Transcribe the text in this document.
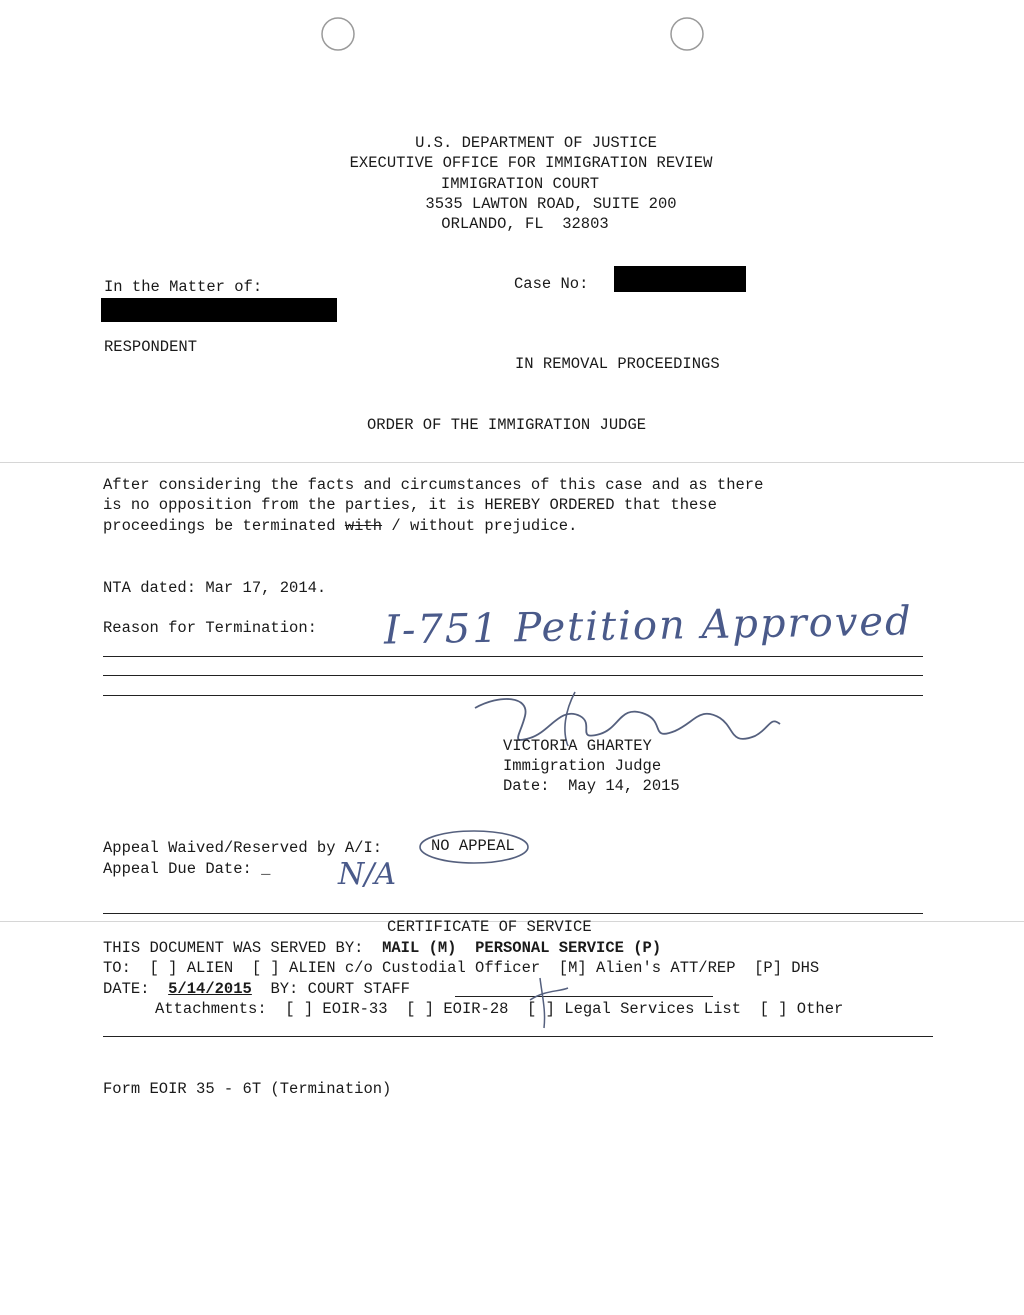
U.S. DEPARTMENT OF JUSTICE
EXECUTIVE OFFICE FOR IMMIGRATION REVIEW
IMMIGRATION COURT
3535 LAWTON ROAD, SUITE 200
ORLANDO, FL  32803
In the Matter of:	Case No:
RESPONDENT
IN REMOVAL PROCEEDINGS
ORDER OF THE IMMIGRATION JUDGE
After considering the facts and circumstances of this case and as there
is no opposition from the parties, it is HEREBY ORDERED that these
proceedings be terminated with / without prejudice.
NTA dated: Mar 17, 2014.
Reason for Termination: I-751 Petition Approved
VICTORIA GHARTEY
Immigration Judge
Date:  May 14, 2015
Appeal Waived/Reserved by A/I:	NO APPEAL
Appeal Due Date: _ N/A
CERTIFICATE OF SERVICE
THIS DOCUMENT WAS SERVED BY: MAIL (M) PERSONAL SERVICE (P)
TO:  [ ] ALIEN  [ ] ALIEN c/o Custodial Officer  [M] Alien's ATT/REP  [P] DHS
DATE: 5/14/2015 BY: COURT STAFF
Attachments:  [ ] EOIR-33  [ ] EOIR-28  [ ] Legal Services List  [ ] Other
Form EOIR 35 - 6T (Termination)
